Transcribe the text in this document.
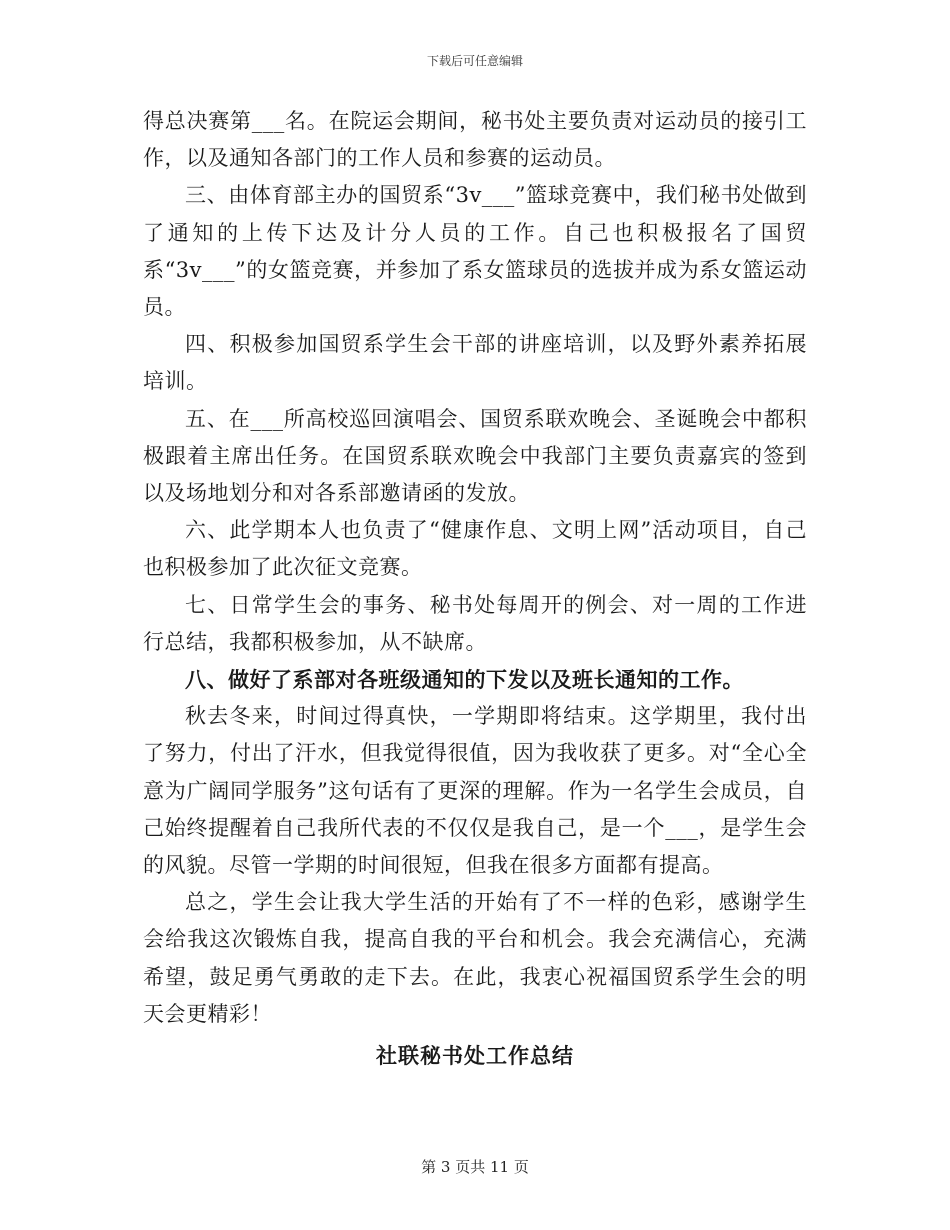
下载后可任意编辑

得总决赛第___名。在院运会期间，秘书处主要负责对运动员的接引工作，以及通知各部门的工作人员和参赛的运动员。

三、由体育部主办的国贸系“3v___”篮球竞赛中，我们秘书处做到了通知的上传下达及计分人员的工作。自己也积极报名了国贸系“3v___”的女篮竞赛，并参加了系女篮球员的选拔并成为系女篮运动员。

四、积极参加国贸系学生会干部的讲座培训，以及野外素养拓展培训。

五、在___所高校巡回演唱会、国贸系联欢晚会、圣诞晚会中都积极跟着主席出任务。在国贸系联欢晚会中我部门主要负责嘉宾的签到以及场地划分和对各系部邀请函的发放。

六、此学期本人也负责了“健康作息、文明上网”活动项目，自己也积极参加了此次征文竞赛。

七、日常学生会的事务、秘书处每周开的例会、对一周的工作进行总结，我都积极参加，从不缺席。

八、做好了系部对各班级通知的下发以及班长通知的工作。

秋去冬来，时间过得真快，一学期即将结束。这学期里，我付出了努力，付出了汗水，但我觉得很值，因为我收获了更多。对“全心全意为广阔同学服务”这句话有了更深的理解。作为一名学生会成员，自己始终提醒着自己我所代表的不仅仅是我自己，是一个___，是学生会的风貌。尽管一学期的时间很短，但我在很多方面都有提高。

总之，学生会让我大学生活的开始有了不一样的色彩，感谢学生会给我这次锻炼自我，提高自我的平台和机会。我会充满信心，充满希望，鼓足勇气勇敢的走下去。在此，我衷心祝福国贸系学生会的明天会更精彩！

社联秘书处工作总结
第 3 页共 11 页
